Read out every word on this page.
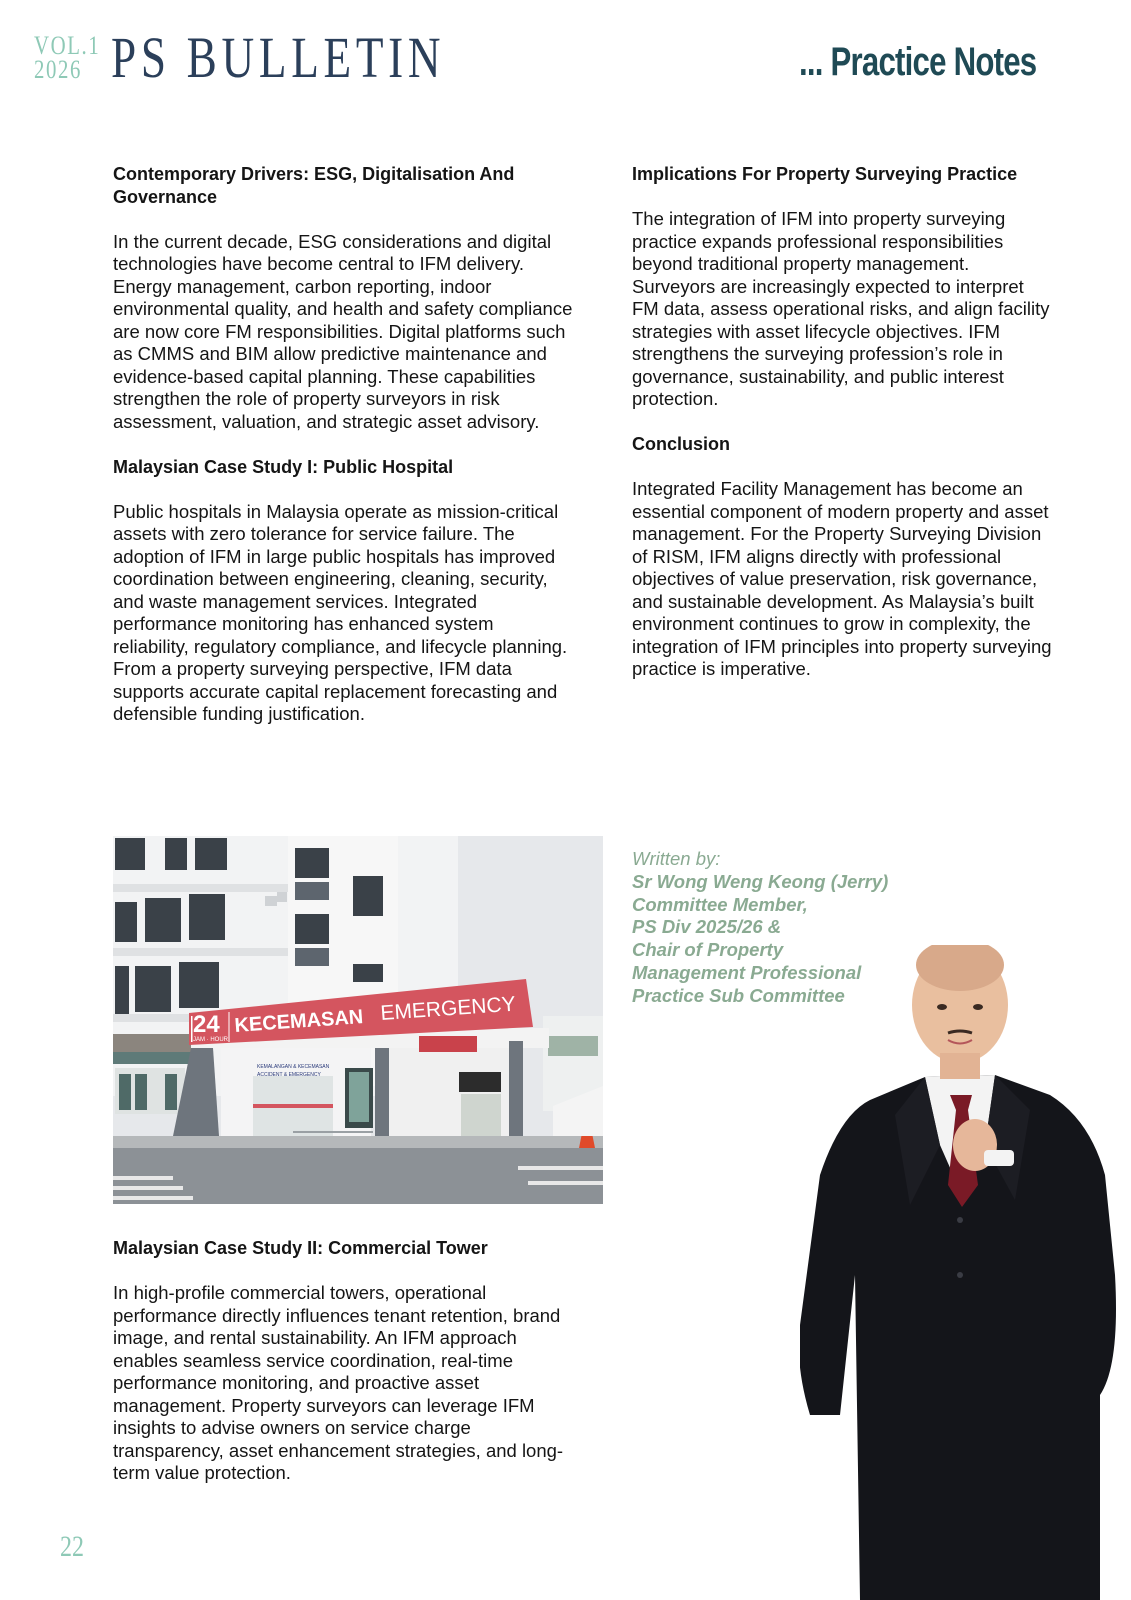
VOL.1
2026 PS BULLETIN	... Practice Notes
Contemporary Drivers: ESG, Digitalisation And Governance

In the current decade, ESG considerations and digital technologies have become central to IFM delivery. Energy management, carbon reporting, indoor environmental quality, and health and safety compliance are now core FM responsibilities. Digital platforms such as CMMS and BIM allow predictive maintenance and evidence-based capital planning. These capabilities strengthen the role of property surveyors in risk assessment, valuation, and strategic asset advisory.

Malaysian Case Study I: Public Hospital

Public hospitals in Malaysia operate as mission-critical assets with zero tolerance for service failure. The adoption of IFM in large public hospitals has improved coordination between engineering, cleaning, security, and waste management services. Integrated performance monitoring has enhanced system reliability, regulatory compliance, and lifecycle planning. From a property surveying perspective, IFM data supports accurate capital replacement forecasting and defensible funding justification.

24
JAM · HOUR
KECEMASAN EMERGENCY
KEMALANGAN & KECEMASAN
ACCIDENT & EMERGENCY
Malaysian Case Study II: Commercial Tower

In high-profile commercial towers, operational performance directly influences tenant retention, brand image, and rental sustainability. An IFM approach enables seamless service coordination, real-time performance monitoring, and proactive asset management. Property surveyors can leverage IFM insights to advise owners on service charge transparency, asset enhancement strategies, and long-term value protection.

Implications For Property Surveying Practice

The integration of IFM into property surveying practice expands professional responsibilities beyond traditional property management. Surveyors are increasingly expected to interpret FM data, assess operational risks, and align facility strategies with asset lifecycle objectives. IFM strengthens the surveying profession’s role in governance, sustainability, and public interest protection.

Conclusion

Integrated Facility Management has become an essential component of modern property and asset management. For the Property Surveying Division of RISM, IFM aligns directly with professional objectives of value preservation, risk governance, and sustainable development. As Malaysia’s built environment continues to grow in complexity, the integration of IFM principles into property surveying practice is imperative.

Written by:
Sr Wong Weng Keong (Jerry)
Committee Member,
PS Div 2025/26 &
Chair of Property
Management Professional
Practice Sub Committee
22
